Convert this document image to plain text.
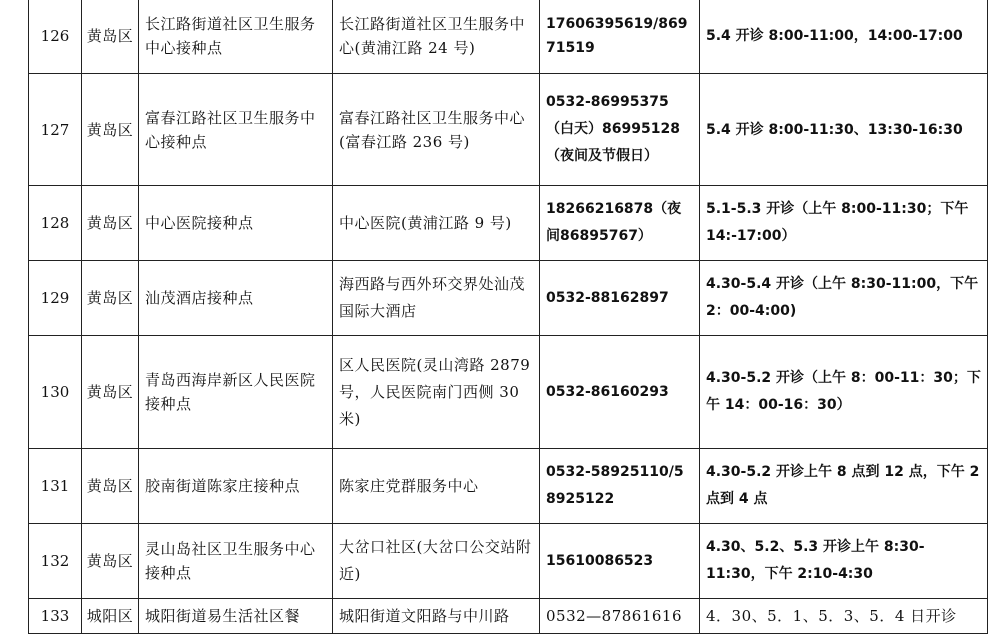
126	黄岛区	长江路街道社区卫生服务中心接种点	长江路街道社区卫生服务中心(黄浦江路 24 号)	17606395619/86971519	5.4 开诊 8:00-11:00，14:00-17:00
127	黄岛区	富春江路社区卫生服务中心接种点	富春江路社区卫生服务中心(富春江路 236 号)	0532-86995375（白天）86995128（夜间及节假日）	5.4 开诊 8:00-11:30、13:30-16:30
128	黄岛区	中心医院接种点	中心医院(黄浦江路 9 号)	18266216878（夜间86895767）	5.1-5.3 开诊（上午 8:00-11:30；下午 14:-17:00）
129	黄岛区	汕茂酒店接种点	海西路与西外环交界处汕茂国际大酒店	0532-88162897	4.30-5.4 开诊（上午 8:30-11:00，下午 2：00-4:00)
130	黄岛区	青岛西海岸新区人民医院接种点	区人民医院(灵山湾路 2879 号，人民医院南门西侧 30 米)	0532-86160293	4.30-5.2 开诊（上午 8：00-11：30；下午 14：00-16：30）
131	黄岛区	胶南街道陈家庄接种点	陈家庄党群服务中心	0532-58925110/58925122	4.30-5.2 开诊上午 8 点到 12 点，下午 2 点到 4 点
132	黄岛区	灵山岛社区卫生服务中心接种点	大岔口社区(大岔口公交站附近)	15610086523	4.30、5.2、5.3 开诊上午 8:30-11:30，下午 2:10-4:30
133	城阳区	城阳街道易生活社区餐	城阳街道文阳路与中川路	0532—87861616	4．30、5．1、5．3、5．4 日开诊
